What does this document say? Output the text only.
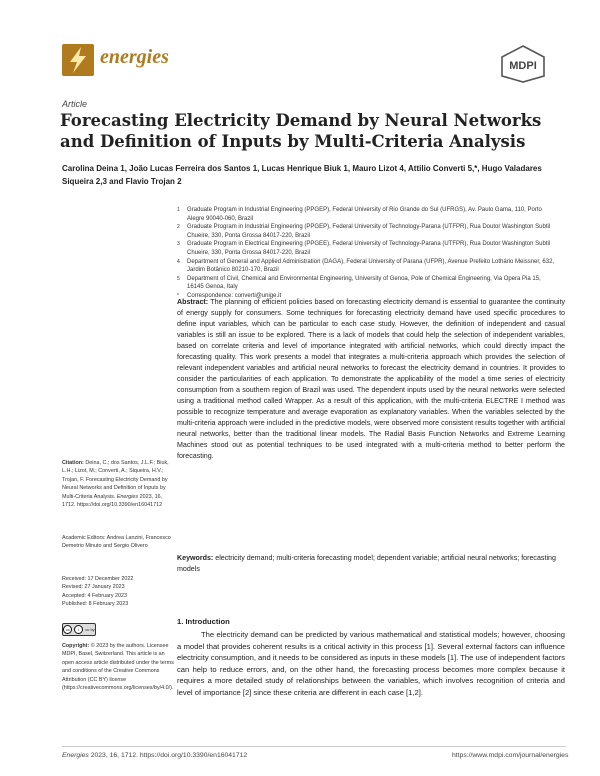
energies	MDPI
Article
Forecasting Electricity Demand by Neural Networks and Definition of Inputs by Multi-Criteria Analysis
Carolina Deina 1, João Lucas Ferreira dos Santos 1, Lucas Henrique Biuk 1, Mauro Lizot 4, Attilio Converti 5,*, Hugo Valadares Siqueira 2,3 and Flavio Trojan 2
1	Graduate Program in Industrial Engineering (PPGEP), Federal University of Rio Grande do Sul (UFRGS), Av. Paulo Gama, 110, Porto Alegre 90040-060, Brazil
2	Graduate Program in Industrial Engineering (PPGEP), Federal University of Technology-Parana (UTFPR), Rua Doutor Washington Subtil Chueire, 330, Ponta Grossa 84017-220, Brazil
3	Graduate Program in Electrical Engineering (PPGEE), Federal University of Technology-Parana (UTFPR), Rua Doutor Washington Subtil Chueire, 330, Ponta Grossa 84017-220, Brazil
4	Department of General and Applied Administration (DAGA), Federal University of Parana (UFPR), Avenue Prefeito Lothário Meissner, 632, Jardim Botânico 80210-170, Brazil
5	Department of Civil, Chemical and Environmental Engineering, University of Genoa, Pole of Chemical Engineering, Via Opera Pia 15, 16145 Genoa, Italy
*	Correspondence: converti@unige.it
Abstract: The planning of efficient policies based on forecasting electricity demand is essential to guarantee the continuity of energy supply for consumers. Some techniques for forecasting electricity demand have used specific procedures to define input variables, which can be particular to each case study. However, the definition of independent and casual variables is still an issue to be explored. There is a lack of models that could help the selection of independent variables, based on correlate criteria and level of importance integrated with artificial networks, which could directly impact the forecasting quality. This work presents a model that integrates a multi-criteria approach which provides the selection of relevant independent variables and artificial neural networks to forecast the electricity demand in countries. It provides to consider the particularities of each application. To demonstrate the applicability of the model a time series of electricity consumption from a southern region of Brazil was used. The dependent inputs used by the neural networks were selected using a traditional method called Wrapper. As a result of this application, with the multi-criteria ELECTRE I method was possible to recognize temperature and average evaporation as explanatory variables. When the variables selected by the multi-criteria approach were included in the predictive models, were observed more consistent results together with artificial neural networks, better than the traditional linear models. The Radial Basis Function Networks and Extreme Learning Machines stood out as potential techniques to be used integrated with a multi-criteria method to better perform the forecasting.
Keywords: electricity demand; multi-criteria forecasting model; dependent variable; artificial neural networks; forecasting models
Citation: Deina, C.; dos Santos, J.L.F.; Biuk, L.H.; Lizot, M.; Converti, A.; Siqueira, H.V.; Trojan, F. Forecasting Electricity Demand by Neural Networks and Definition of Inputs by Multi-Criteria Analysis. Energies 2023, 16, 1712. https://doi.org/10.3390/en16041712
Academic Editors: Andrea Lanzini, Francesco Demetrio Minuto and Sergio Olivero
Received: 17 December 2022
Revised: 27 January 2023
Accepted: 4 February 2023
Published: 8 February 2023
cc	i	cc by
Copyright: © 2023 by the authors. Licensee MDPI, Basel, Switzerland. This article is an open access article distributed under the terms and conditions of the Creative Commons Attribution (CC BY) license (https://creativecommons.org/licenses/by/4.0/).
1. Introduction
The electricity demand can be predicted by various mathematical and statistical models; however, choosing a model that provides coherent results is a critical activity in this process [1]. Several external factors can influence electricity consumption, and it needs to be considered as inputs in these models [1]. The use of independent factors can help to reduce errors, and, on the other hand, the forecasting process becomes more complex because it requires a more detailed study of relationships between the variables, which involves recognition of criteria and level of importance [2] since these criteria are different in each case [1,2].
Energies 2023, 16, 1712. https://doi.org/10.3390/en16041712	https://www.mdpi.com/journal/energies
